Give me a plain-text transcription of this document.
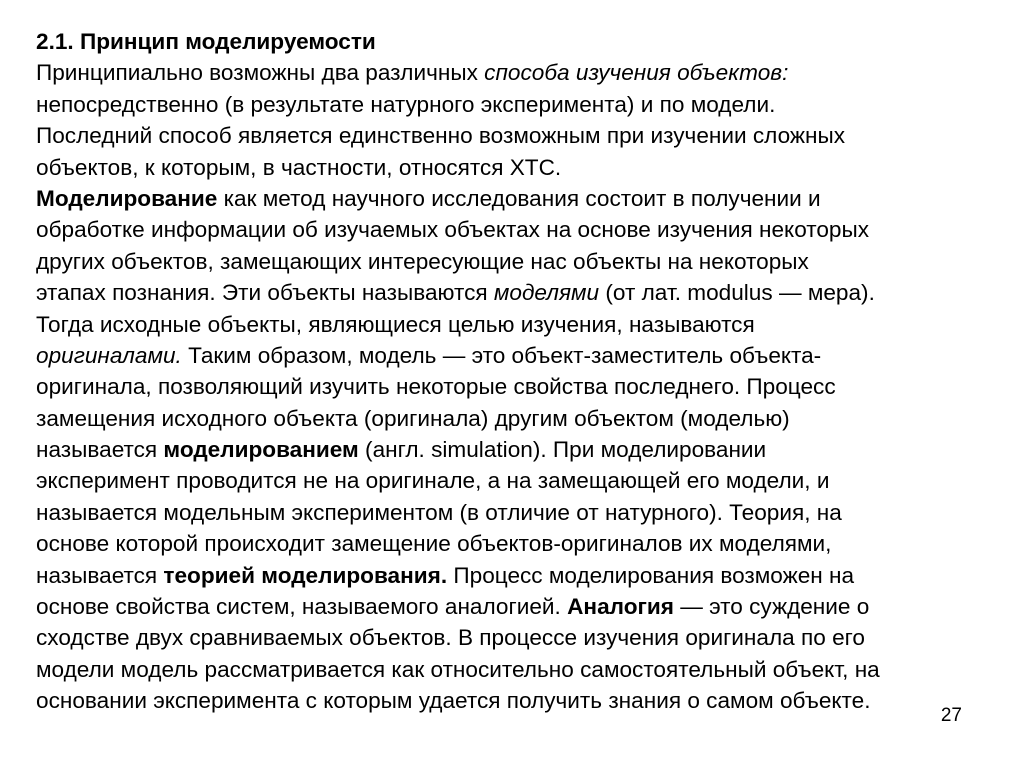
2.1. Принцип моделируемости
Принципиально возможны два различных способа изучения объектов:
непосредственно (в результате натурного эксперимента) и по модели.
Последний способ является единственно возможным при изучении сложных
объектов, к которым, в частности, относятся ХТС.
Моделирование как метод научного исследования состоит в получении и
обработке информации об изучаемых объектах на основе изучения некоторых
других объектов, замещающих интересующие нас объекты на некоторых
этапах познания. Эти объекты называются моделями (от лат. modulus — мера).
Тогда исходные объекты, являющиеся целью изучения, называются
оригиналами. Таким образом, модель — это объект-заместитель объекта-
оригинала, позволяющий изучить некоторые свойства последнего. Процесс
замещения исходного объекта (оригинала) другим объектом (моделью)
называется моделированием (англ. simulation). При моделировании
эксперимент проводится не на оригинале, а на замещающей его модели, и
называется модельным экспериментом (в отличие от натурного). Теория, на
основе которой происходит замещение объектов-оригиналов их моделями,
называется теорией моделирования. Процесс моделирования возможен на
основе свойства систем, называемого аналогией. Аналогия — это суждение о
сходстве двух сравниваемых объектов. В процессе изучения оригинала по его
модели модель рассматривается как относительно самостоятельный объект, на
основании эксперимента с которым удается получить знания о самом объекте.
27
